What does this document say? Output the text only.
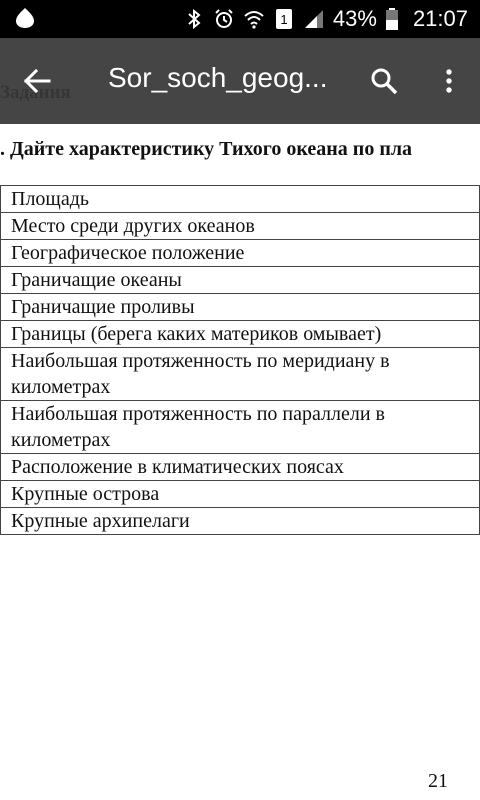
1 43% 21:07
. Дайте характеристику Тихого океана по пла
Площадь

Место среди других океанов

Географическое положение

Граничащие океаны

Граничащие проливы

Границы (берега каких материков омывает)

Наибольшая протяженность по меридиану в
километрах

Наибольшая протяженность по параллели в
километрах

Расположение в климатических поясах

Крупные острова

Крупные архипелаги
21
Sor_soch_geog...
